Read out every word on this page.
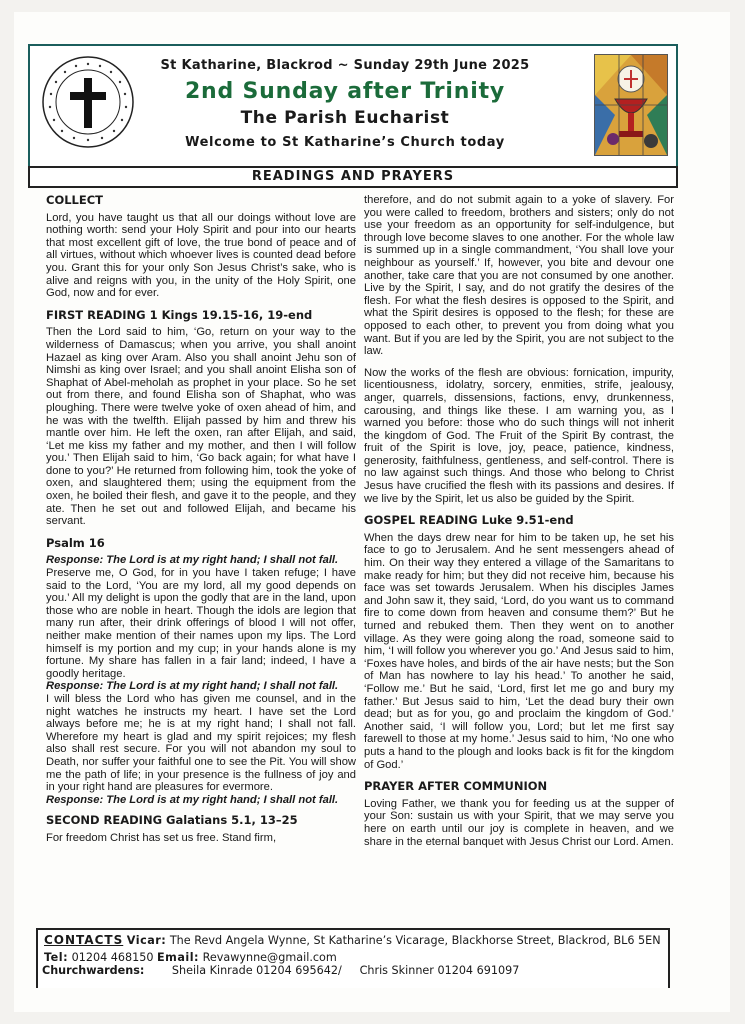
St Katharine, Blackrod ~ Sunday 29th June 2025
2nd Sunday after Trinity
The Parish Eucharist
Welcome to St Katharine’s Church today
READINGS AND PRAYERS
COLLECT

Lord, you have taught us that all our doings without love are nothing worth: send your Holy Spirit and pour into our hearts that most excellent gift of love, the true bond of peace and of all virtues, without which whoever lives is counted dead before you. Grant this for your only Son Jesus Christ’s sake, who is alive and reigns with you, in the unity of the Holy Spirit, one God, now and for ever.

FIRST READING 1 Kings 19.15-16, 19-end

Then the Lord said to him, ‘Go, return on your way to the wilderness of Damascus; when you arrive, you shall anoint Hazael as king over Aram. Also you shall anoint Jehu son of Nimshi as king over Israel; and you shall anoint Elisha son of Shaphat of Abel-meholah as prophet in your place. So he set out from there, and found Elisha son of Shaphat, who was ploughing. There were twelve yoke of oxen ahead of him, and he was with the twelfth. Elijah passed by him and threw his mantle over him. He left the oxen, ran after Elijah, and said, ‘Let me kiss my father and my mother, and then I will follow you.’ Then Elijah said to him, ‘Go back again; for what have I done to you?’ He returned from following him, took the yoke of oxen, and slaughtered them; using the equipment from the oxen, he boiled their flesh, and gave it to the people, and they ate. Then he set out and followed Elijah, and became his servant.

Psalm 16
Response: The Lord is at my right hand; I shall not fall.

Preserve me, O God, for in you have I taken refuge; I have said to the Lord, ‘You are my lord, all my good depends on you.’ All my delight is upon the godly that are in the land, upon those who are noble in heart. Though the idols are legion that many run after, their drink offerings of blood I will not offer, neither make mention of their names upon my lips. The Lord himself is my portion and my cup; in your hands alone is my fortune. My share has fallen in a fair land; indeed, I have a goodly heritage.

Response: The Lord is at my right hand; I shall not fall.

I will bless the Lord who has given me counsel, and in the night watches he instructs my heart. I have set the Lord always before me; he is at my right hand; I shall not fall. Wherefore my heart is glad and my spirit rejoices; my flesh also shall rest secure. For you will not abandon my soul to Death, nor suffer your faithful one to see the Pit. You will show me the path of life; in your presence is the fullness of joy and in your right hand are pleasures for evermore.

Response: The Lord is at my right hand; I shall not fall.
SECOND READING Galatians 5.1, 13–25

For freedom Christ has set us free. Stand firm,

therefore, and do not submit again to a yoke of slavery. For you were called to freedom, brothers and sisters; only do not use your freedom as an opportunity for self-indulgence, but through love become slaves to one another. For the whole law is summed up in a single commandment, ‘You shall love your neighbour as yourself.’ If, however, you bite and devour one another, take care that you are not consumed by one another. Live by the Spirit, I say, and do not gratify the desires of the flesh. For what the flesh desires is opposed to the Spirit, and what the Spirit desires is opposed to the flesh; for these are opposed to each other, to prevent you from doing what you want. But if you are led by the Spirit, you are not subject to the law.

Now the works of the flesh are obvious: fornication, impurity, licentiousness, idolatry, sorcery, enmities, strife, jealousy, anger, quarrels, dissensions, factions, envy, drunkenness, carousing, and things like these. I am warning you, as I warned you before: those who do such things will not inherit the kingdom of God. The Fruit of the Spirit By contrast, the fruit of the Spirit is love, joy, peace, patience, kindness, generosity, faithfulness, gentleness, and self-control. There is no law against such things. And those who belong to Christ Jesus have crucified the flesh with its passions and desires. If we live by the Spirit, let us also be guided by the Spirit.

GOSPEL READING Luke 9.51-end

When the days drew near for him to be taken up, he set his face to go to Jerusalem. And he sent messengers ahead of him. On their way they entered a village of the Samaritans to make ready for him; but they did not receive him, because his face was set towards Jerusalem. When his disciples James and John saw it, they said, ‘Lord, do you want us to command fire to come down from heaven and consume them?’ But he turned and rebuked them. Then they went on to another village. As they were going along the road, someone said to him, ‘I will follow you wherever you go.’ And Jesus said to him, ‘Foxes have holes, and birds of the air have nests; but the Son of Man has nowhere to lay his head.’ To another he said, ‘Follow me.’ But he said, ‘Lord, first let me go and bury my father.’ But Jesus said to him, ‘Let the dead bury their own dead; but as for you, go and proclaim the kingdom of God.’ Another said, ‘I will follow you, Lord; but let me first say farewell to those at my home.’ Jesus said to him, ‘No one who puts a hand to the plough and looks back is fit for the kingdom of God.’

PRAYER AFTER COMMUNION

Loving Father, we thank you for feeding us at the supper of your Son: sustain us with your Spirit, that we may serve you here on earth until our joy is complete in heaven, and we share in the eternal banquet with Jesus Christ our Lord. Amen.

CONTACTS Vicar: The Revd Angela Wynne, St Katharine’s Vicarage, Blackhorse Street, Blackrod, BL6 5EN Tel: 01204 468150 Email: Revawynne@gmail.com
Churchwardens: Sheila Kinrade 01204 695642/ Chris Skinner 01204 691097
